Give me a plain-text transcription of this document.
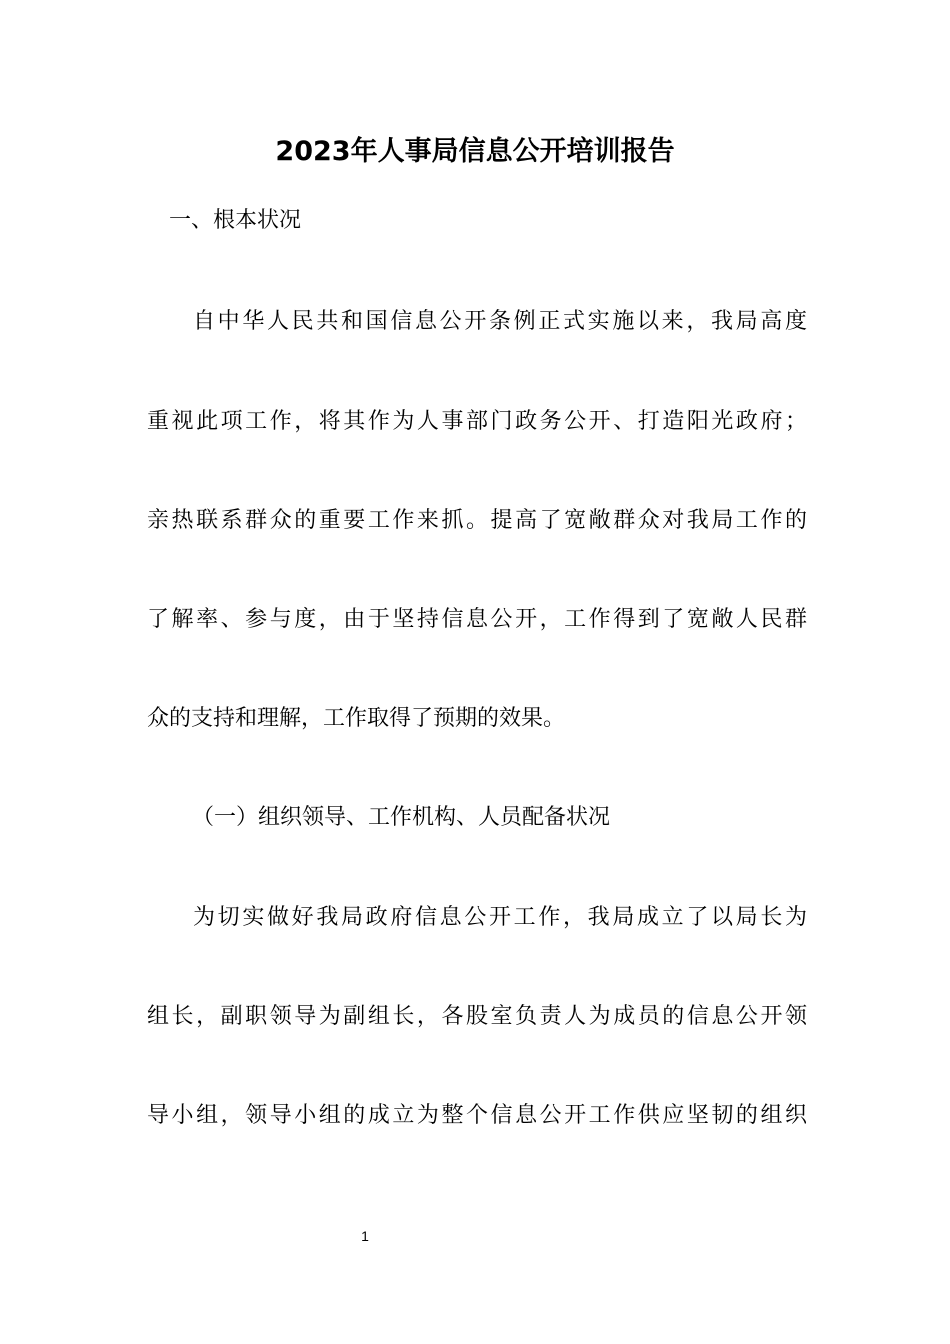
2023年人事局信息公开培训报告

一、根本状况

自中华人民共和国信息公开条例正式实施以来，我局高度

重视此项工作，将其作为人事部门政务公开、打造阳光政府；

亲热联系群众的重要工作来抓。提高了宽敞群众对我局工作的

了解率、参与度，由于坚持信息公开，工作得到了宽敞人民群

众的支持和理解，工作取得了预期的效果。

（一）组织领导、工作机构、人员配备状况

为切实做好我局政府信息公开工作，我局成立了以局长为

组长，副职领导为副组长，各股室负责人为成员的信息公开领

导小组，领导小组的成立为整个信息公开工作供应坚韧的组织

1
